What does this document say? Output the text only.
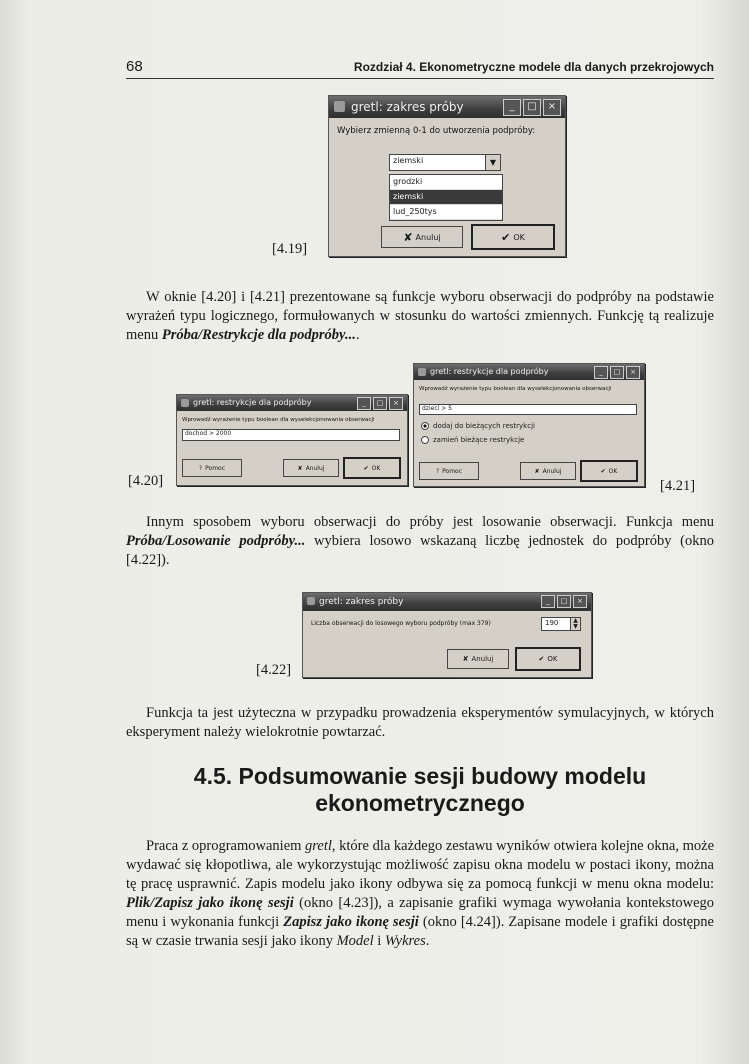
68	Rozdział 4. Ekonometryczne modele dla danych przekrojowych
[4.19]
gretl: zakres próby	_	□	×
Wybierz zmienną 0-1 do utworzenia podpróby:
ziemski	▼
grodzki
ziemski
lud_250tys
✘ Anuluj	✔ OK
W oknie [4.20] i [4.21] prezentowane są funkcje wyboru obserwacji do podpróby na podstawie wyrażeń typu logicznego, formułowanych w stosunku do wartości zmiennych. Funkcję tą realizuje menu Próba/Restrykcje dla podpróby....
[4.20]
gretl: restrykcje dla podpróby	_	□	×
Wprowadź wyrażenie typu boolean dla wyselekcjonowania obserwacji
dochod > 2000
? Pomoc	✘ Anuluj	✔ OK
[4.21]
gretl: restrykcje dla podpróby	_	□	×
Wprowadź wyrażenie typu boolean dla wyselekcjonowania obserwacji
dzieci > 5
dodaj do bieżących restrykcji
zamień bieżące restrykcje
? Pomoc	✘ Anuluj	✔ OK
Innym sposobem wyboru obserwacji do próby jest losowanie obserwacji. Funkcja menu Próba/Losowanie podpróby... wybiera losowo wskazaną liczbę jednostek do podpróby (okno [4.22]).
[4.22]
gretl: zakres próby	_	□	×
Liczba obserwacji do losowego wyboru podpróby (max 379)	190	▲
▼
✘ Anuluj	✔ OK
Funkcja ta jest użyteczna w przypadku prowadzenia eksperymentów symulacyjnych, w których eksperyment należy wielokrotnie powtarzać.
4.5. Podsumowanie sesji budowy modelu
ekonometrycznego
Praca z oprogramowaniem gretl, które dla każdego zestawu wyników otwiera kolejne okna, może wydawać się kłopotliwa, ale wykorzystując możliwość zapisu okna modelu w postaci ikony, można tę pracę usprawnić. Zapis modelu jako ikony odbywa się za pomocą funkcji w menu okna modelu: Plik/Zapisz jako ikonę sesji (okno [4.23]), a zapisanie grafiki wymaga wywołania kontekstowego menu i wykonania funkcji Zapisz jako ikonę sesji (okno [4.24]). Zapisane modele i grafiki dostępne są w czasie trwania sesji jako ikony Model i Wykres.
